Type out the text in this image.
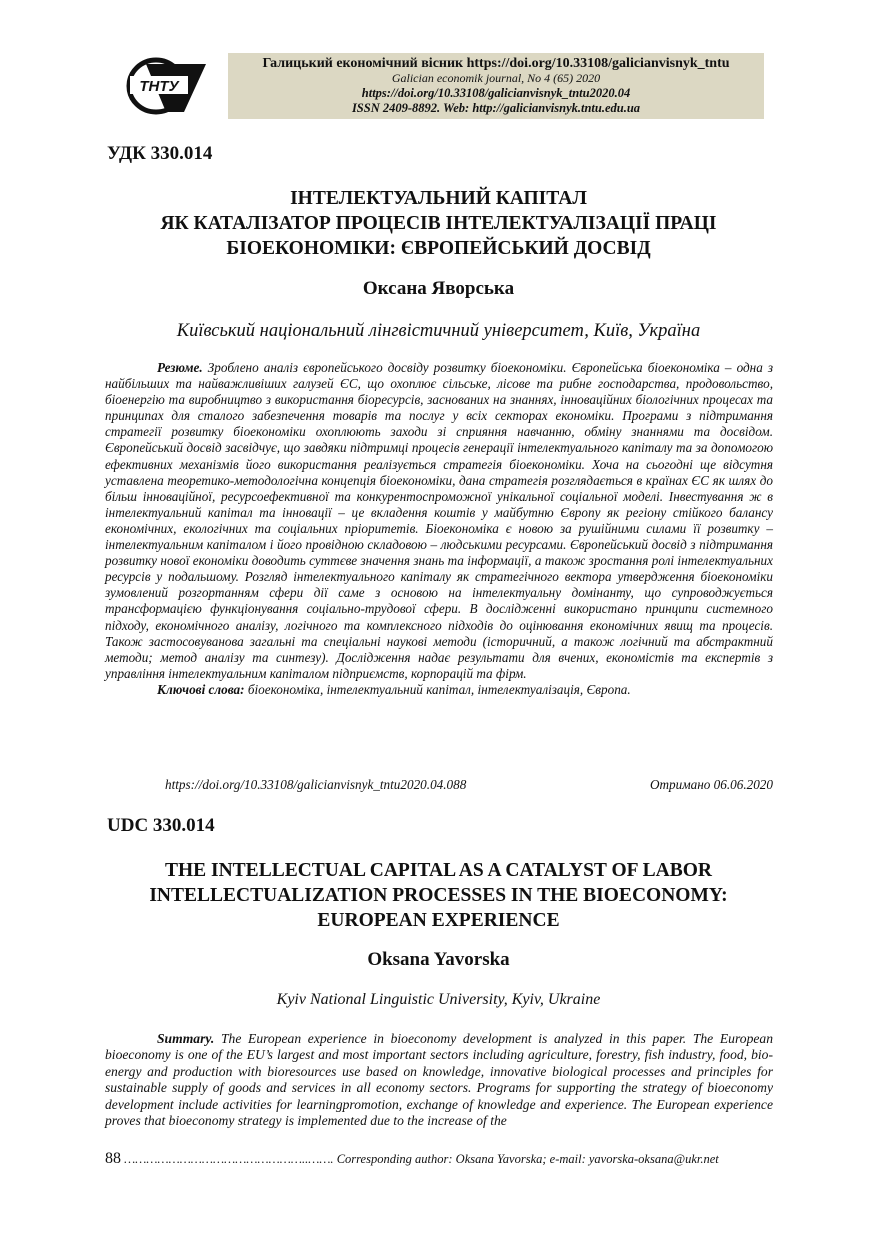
ТНТУ
Галицький економічний вісник https://doi.org/10.33108/galicianvisnyk_tntu
Galician economik journal, No 4 (65) 2020
https://doi.org/10.33108/galicianvisnyk_tntu2020.04
ISSN 2409-8892. Web: http://galicianvisnyk.tntu.edu.ua
УДК 330.014
ІНТЕЛЕКТУАЛЬНИЙ КАПІТАЛ
ЯК КАТАЛІЗАТОР ПРОЦЕСІВ ІНТЕЛЕКТУАЛІЗАЦІЇ ПРАЦІ
БІОЕКОНОМІКИ: ЄВРОПЕЙСЬКИЙ ДОСВІД
Оксана Яворська
Київський національний лінгвістичний університет, Київ, Україна

Резюме. Зроблено аналіз європейського досвіду розвитку біоекономіки. Європейська біоекономіка – одна з найбільших та найважливіших галузей ЄС, що охоплює сільське, лісове та рибне господарства, продовольство, біоенергію та виробництво з використання біоресурсів, заснованих на знаннях, інноваційних біологічних процесах та принципах для сталого забезпечення товарів та послуг у всіх секторах економіки. Програми з підтримання стратегії розвитку біоекономіки охоплюють заходи зі сприяння навчанню, обміну знаннями та досвідом. Європейський досвід засвідчує, що завдяки підтримці процесів генерації інтелектуального капіталу та за допомогою ефективних механізмів його використання реалізується стратегія біоекономіки. Хоча на сьогодні ще відсутня уставлена теоретико-методологічна концепція біоекономіки, дана стратегія розглядається в країнах ЄС як шлях до більш інноваційної, ресурсоефективної та конкурентоспроможної унікальної соціальної моделі. Інвестування ж в інтелектуальний капітал та інновації – це вкладення коштів у майбутню Європу як регіону стійкого балансу економічних, екологічних та соціальних пріоритетів. Біоекономіка є новою за рушійними силами її розвитку – інтелектуальним капіталом і його провідною складовою – людськими ресурсами. Європейський досвід з підтримання розвитку нової економіки доводить суттєве значення знань та інформації, а також зростання ролі інтелектуальних ресурсів у подальшому. Розгляд інтелектуального капіталу як стратегічного вектора утвердження біоекономіки зумовлений розгортанням сфери дії саме з основою на інтелектуальну домінанту, що супроводжується трансформацією функціонування соціально-трудової сфери. В дослідженні використано принципи системного підходу, економічного аналізу, логічного та комплексного підходів до оцінювання економічних явищ та процесів. Також застосовуванова загальні та спеціальні наукові методи (історичний, а також логічний та абстрактний методи; метод аналізу та синтезу). Дослідження надає результати для вчених, економістів та експертів з управління інтелектуальним капіталом підприємств, корпорацій та фірм.

Ключові слова: біоекономіка, інтелектуальний капітал, інтелектуалізація, Європа.

https://doi.org/10.33108/galicianvisnyk_tntu2020.04.088	Отримано 06.06.2020
UDC 330.014
THE INTELLECTUAL CAPITAL AS A CATALYST OF LABOR
INTELLECTUALIZATION PROCESSES IN THE BIOECONOMY:
EUROPEAN EXPERIENCE
Oksana Yavorska
Kyiv National Linguistic University, Kyiv, Ukraine

Summary. The European experience in bioeconomy development is analyzed in this paper. The European bioeconomy is one of the EU’s largest and most important sectors including agriculture, forestry, fish industry, food, bio-energy and production with bioresources use based on knowledge, innovative biological processes and principles for sustainable supply of goods and services in all economy sectors. Programs for supporting the strategy of bioeconomy development include activities for learningpromotion, exchange of knowledge and experience. The European experience proves that bioeconomy strategy is implemented due to the increase of the

88 …………………………………………..……. Corresponding author: Oksana Yavorska; e-mail: yavorska-oksana@ukr.net
